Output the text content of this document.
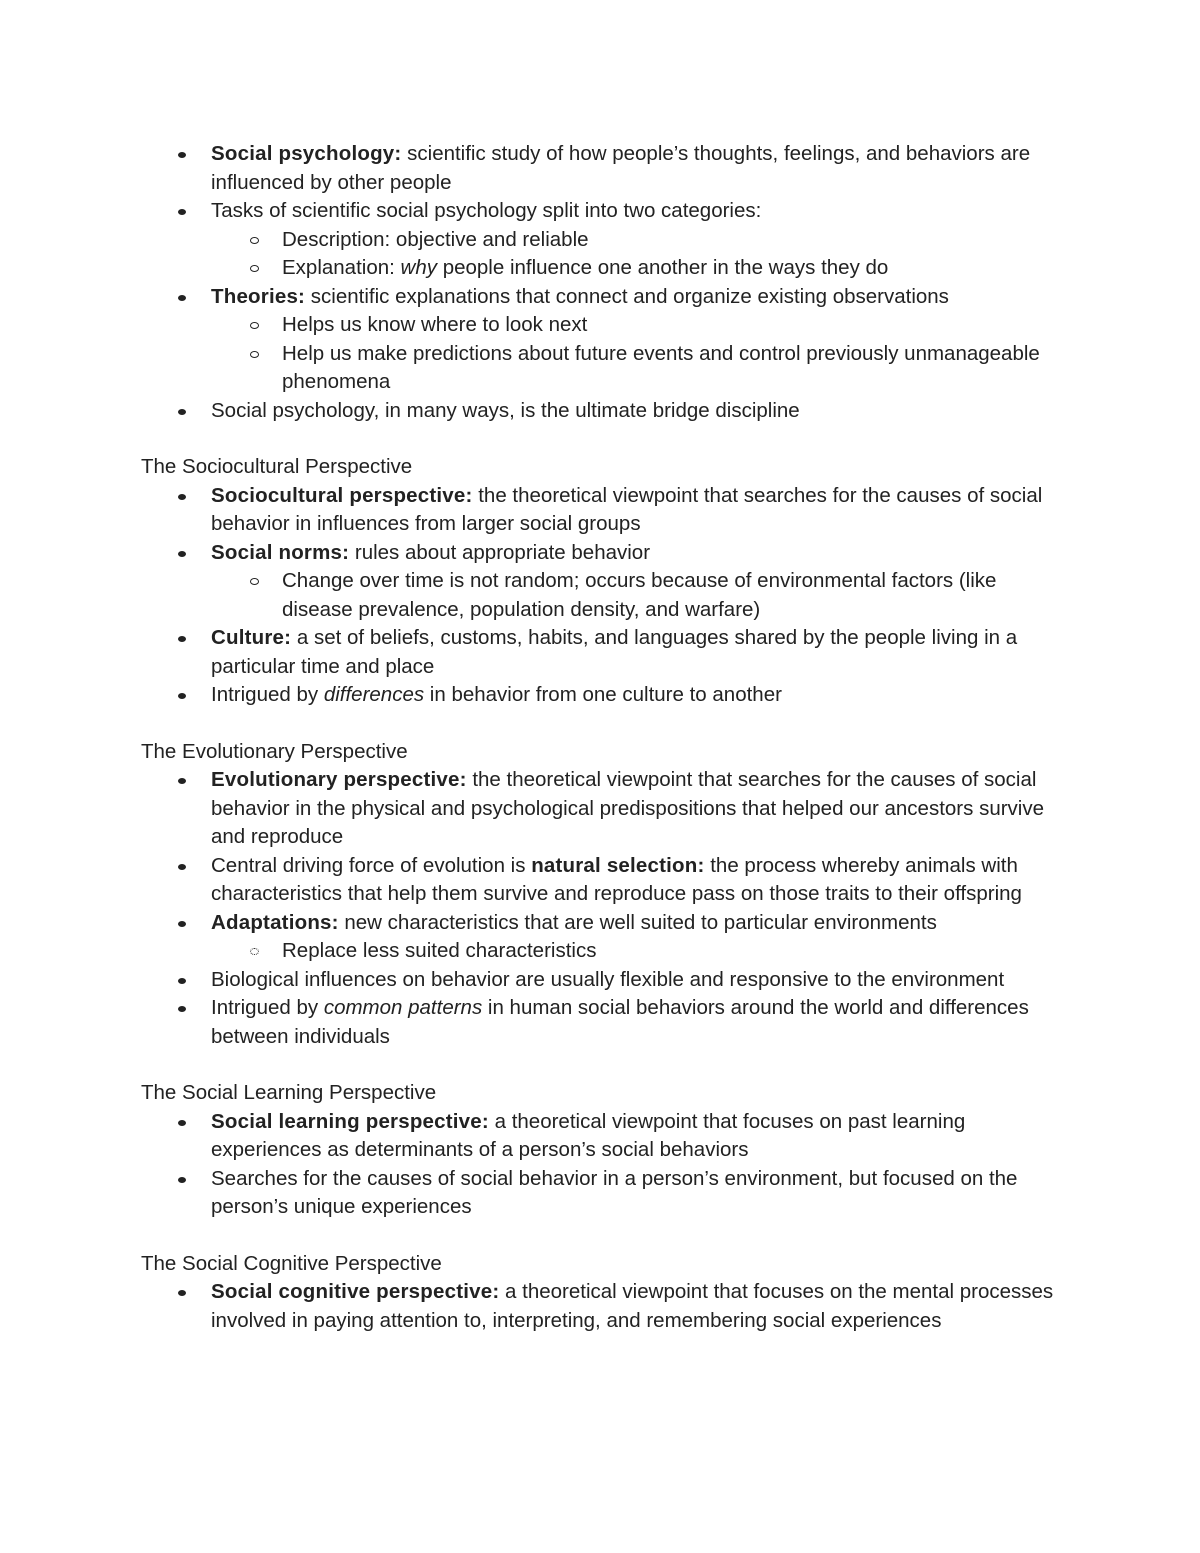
Social psychology: scientific study of how people’s thoughts, feelings, and behaviors are influenced by other people
Tasks of scientific social psychology split into two categories:
Description: objective and reliable
Explanation: why people influence one another in the ways they do
Theories: scientific explanations that connect and organize existing observations
Helps us know where to look next
Help us make predictions about future events and control previously unmanageable phenomena
Social psychology, in many ways, is the ultimate bridge discipline
The Sociocultural Perspective
Sociocultural perspective: the theoretical viewpoint that searches for the causes of social behavior in influences from larger social groups
Social norms: rules about appropriate behavior
Change over time is not random; occurs because of environmental factors (like disease prevalence, population density, and warfare)
Culture: a set of beliefs, customs, habits, and languages shared by the people living in a particular time and place
Intrigued by differences in behavior from one culture to another
The Evolutionary Perspective
Evolutionary perspective: the theoretical viewpoint that searches for the causes of social behavior in the physical and psychological predispositions that helped our ancestors survive and reproduce
Central driving force of evolution is natural selection: the process whereby animals with characteristics that help them survive and reproduce pass on those traits to their offspring
Adaptations: new characteristics that are well suited to particular environments
Replace less suited characteristics
Biological influences on behavior are usually flexible and responsive to the environment
Intrigued by common patterns in human social behaviors around the world and differences between individuals
The Social Learning Perspective
Social learning perspective: a theoretical viewpoint that focuses on past learning experiences as determinants of a person’s social behaviors
Searches for the causes of social behavior in a person’s environment, but focused on the person’s unique experiences
The Social Cognitive Perspective
Social cognitive perspective: a theoretical viewpoint that focuses on the mental processes involved in paying attention to, interpreting, and remembering social experiences
